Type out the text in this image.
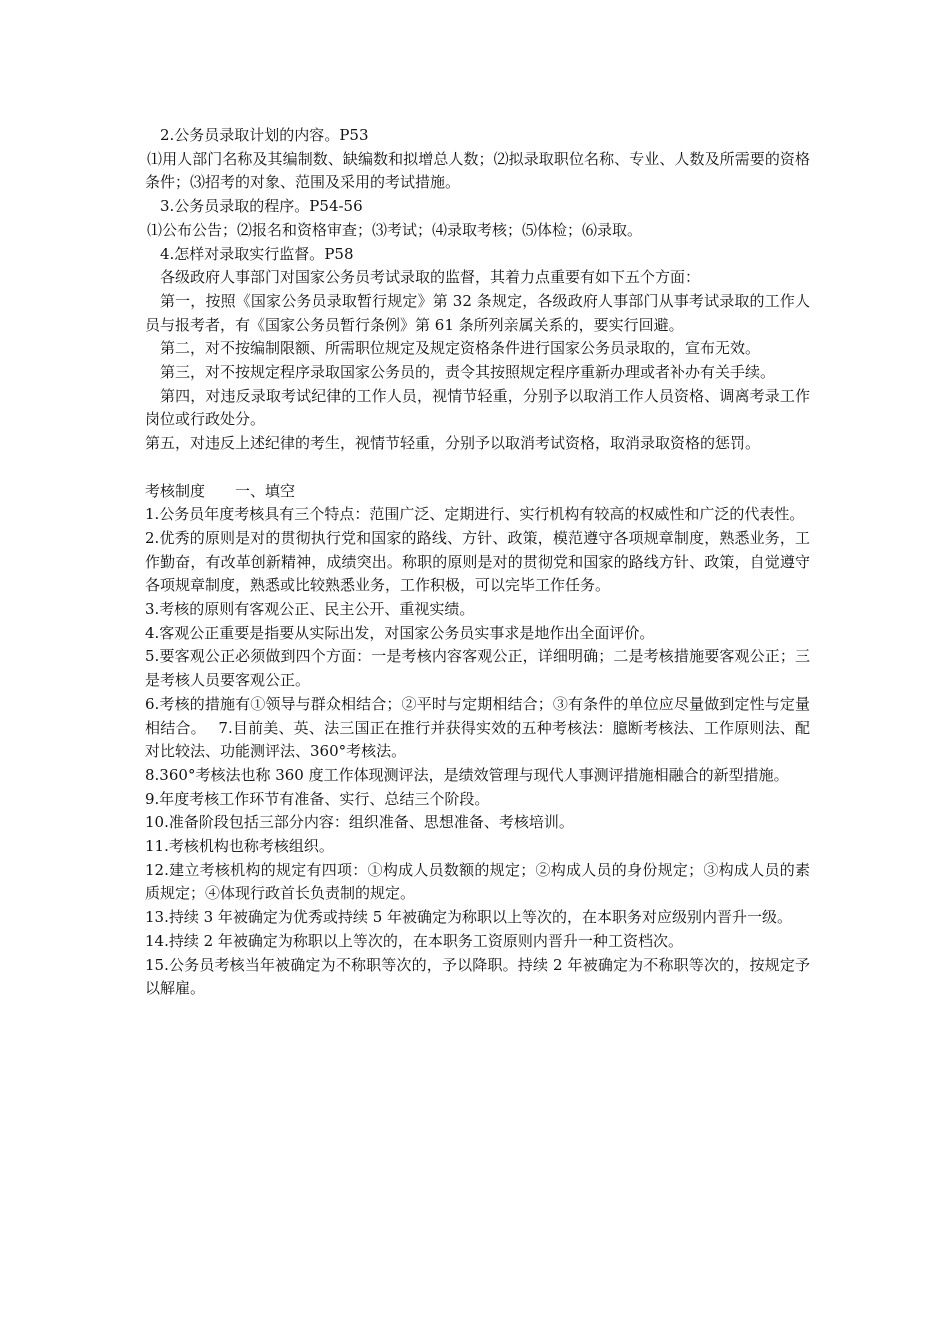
2.公务员录取计划的内容。P53

⑴用人部门名称及其编制数、缺编数和拟增总人数；⑵拟录取职位名称、专业、人数及所需要的资格条件；⑶招考的对象、范围及采用的考试措施。

3.公务员录取的程序。P54-56

⑴公布公告；⑵报名和资格审查；⑶考试；⑷录取考核；⑸体检；⑹录取。

4.怎样对录取实行监督。P58

各级政府人事部门对国家公务员考试录取的监督，其着力点重要有如下五个方面：

第一，按照《国家公务员录取暂行规定》第 32 条规定，各级政府人事部门从事考试录取的工作人员与报考者，有《国家公务员暂行条例》第 61 条所列亲属关系的，要实行回避。

第二，对不按编制限额、所需职位规定及规定资格条件进行国家公务员录取的，宣布无效。

第三，对不按规定程序录取国家公务员的，责令其按照规定程序重新办理或者补办有关手续。

第四，对违反录取考试纪律的工作人员，视情节轻重，分别予以取消工作人员资格、调离考录工作岗位或行政处分。

第五，对违反上述纪律的考生，视情节轻重，分别予以取消考试资格，取消录取资格的惩罚。

考核制度　　一、填空

1.公务员年度考核具有三个特点：范围广泛、定期进行、实行机构有较高的权威性和广泛的代表性。

2.优秀的原则是对的贯彻执行党和国家的路线、方针、政策，模范遵守各项规章制度，熟悉业务，工作勤奋，有改革创新精神，成绩突出。称职的原则是对的贯彻党和国家的路线方针、政策，自觉遵守各项规章制度，熟悉或比较熟悉业务，工作积极，可以完毕工作任务。

3.考核的原则有客观公正、民主公开、重视实绩。

4.客观公正重要是指要从实际出发，对国家公务员实事求是地作出全面评价。

5.要客观公正必须做到四个方面：一是考核内容客观公正，详细明确；二是考核措施要客观公正；三是考核人员要客观公正。

6.考核的措施有①领导与群众相结合；②平时与定期相结合；③有条件的单位应尽量做到定性与定量相结合。　 7.目前美、英、法三国正在推行并获得实效的五种考核法：臆断考核法、工作原则法、配对比较法、功能测评法、360°考核法。

8.360°考核法也称 360 度工作体现测评法，是绩效管理与现代人事测评措施相融合的新型措施。

9.年度考核工作环节有准备、实行、总结三个阶段。

10.准备阶段包括三部分内容：组织准备、思想准备、考核培训。

11.考核机构也称考核组织。

12.建立考核机构的规定有四项：①构成人员数额的规定；②构成人员的身份规定；③构成人员的素质规定；④体现行政首长负责制的规定。

13.持续 3 年被确定为优秀或持续 5 年被确定为称职以上等次的，在本职务对应级别内晋升一级。

14.持续 2 年被确定为称职以上等次的，在本职务工资原则内晋升一种工资档次。

15.公务员考核当年被确定为不称职等次的，予以降职。持续 2 年被确定为不称职等次的，按规定予以解雇。
